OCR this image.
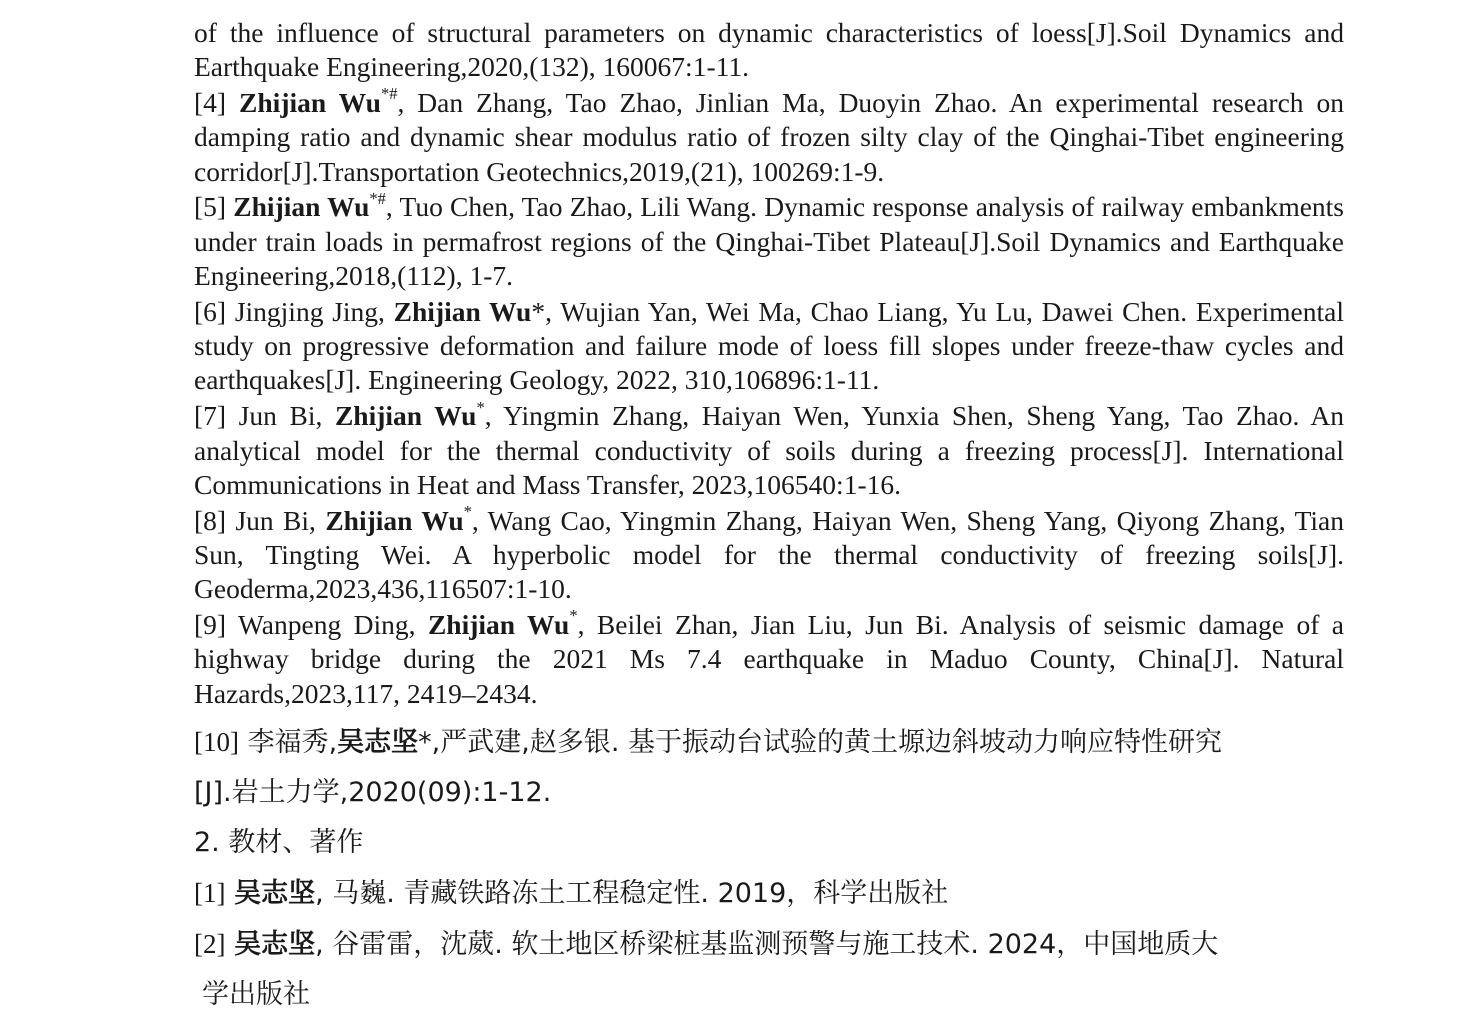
of the influence of structural parameters on dynamic characteristics of loess[J].Soil Dynamics and Earthquake Engineering,2020,(132), 160067:1-11.

[4] Zhijian Wu*#, Dan Zhang, Tao Zhao, Jinlian Ma, Duoyin Zhao. An experimental research on damping ratio and dynamic shear modulus ratio of frozen silty clay of the Qinghai-Tibet engineering corridor[J].Transportation Geotechnics,2019,(21), 100269:1-9.

[5] Zhijian Wu*#, Tuo Chen, Tao Zhao, Lili Wang. Dynamic response analysis of railway embankments under train loads in permafrost regions of the Qinghai-Tibet Plateau[J].Soil Dynamics and Earthquake Engineering,2018,(112), 1-7.

[6] Jingjing Jing, Zhijian Wu*, Wujian Yan, Wei Ma, Chao Liang, Yu Lu, Dawei Chen. Experimental study on progressive deformation and failure mode of loess fill slopes under freeze-thaw cycles and earthquakes[J]. Engineering Geology, 2022, 310,106896:1-11.

[7] Jun Bi, Zhijian Wu*, Yingmin Zhang, Haiyan Wen, Yunxia Shen, Sheng Yang, Tao Zhao. An analytical model for the thermal conductivity of soils during a freezing process[J]. International Communications in Heat and Mass Transfer, 2023,106540:1-16.

[8] Jun Bi, Zhijian Wu*, Wang Cao, Yingmin Zhang, Haiyan Wen, Sheng Yang, Qiyong Zhang, Tian Sun, Tingting Wei. A hyperbolic model for the thermal conductivity of freezing soils[J]. Geoderma,2023,436,116507:1-10.

[9] Wanpeng Ding, Zhijian Wu*, Beilei Zhan, Jian Liu, Jun Bi. Analysis of seismic damage of a highway bridge during the 2021 Ms 7.4 earthquake in Maduo County, China[J]. Natural Hazards,2023,117, 2419–2434.

[10] 李福秀,吴志坚*,严武建,赵多银. 基于振动台试验的黄土塬边斜坡动力响应特性研究

[J].岩土力学,2020(09):1-12.

2. 教材、著作

[1] 吴志坚, 马巍. 青藏铁路冻土工程稳定性. 2019，科学出版社

[2] 吴志坚, 谷雷雷，沈葳. 软土地区桥梁桩基监测预警与施工技术. 2024，中国地质大

学出版社
